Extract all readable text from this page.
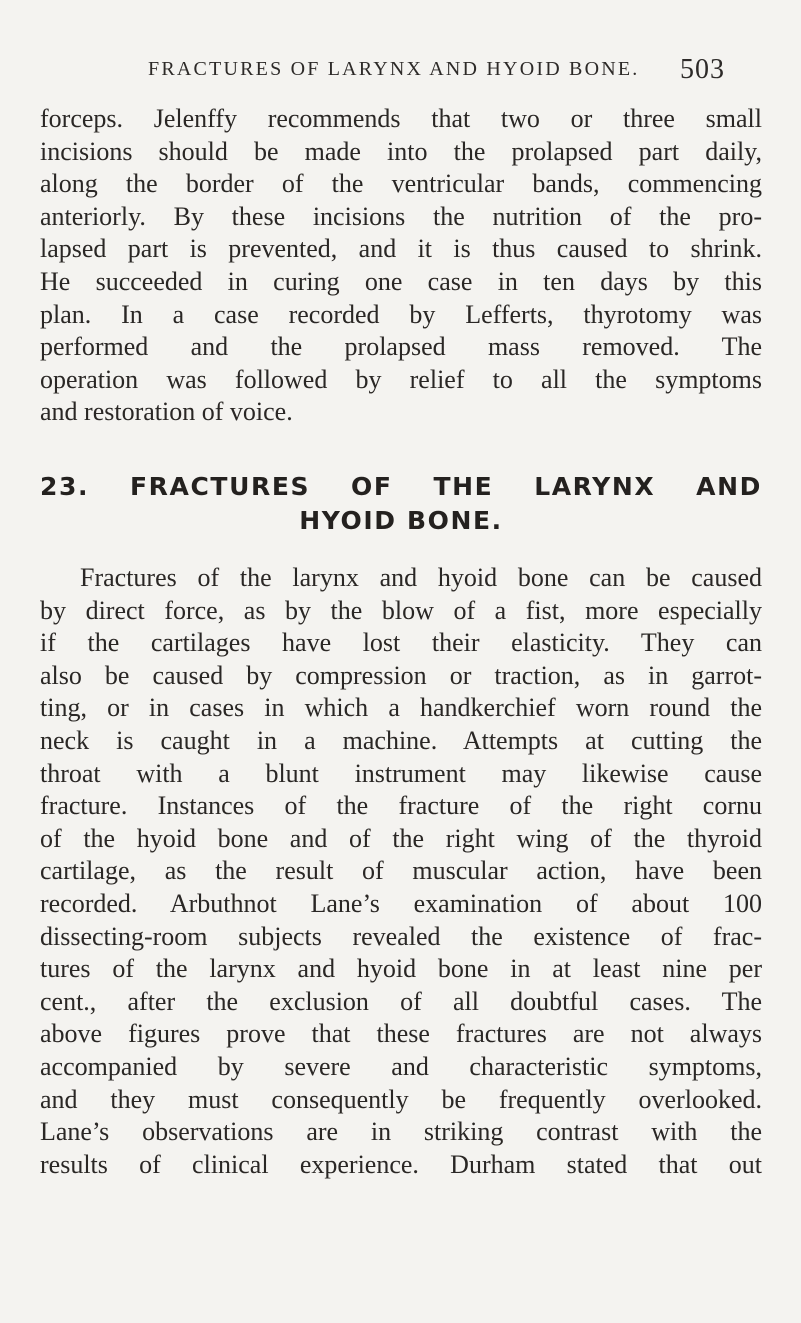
FRACTURES OF LARYNX AND HYOID BONE.	503
forceps. Jelenffy recommends that two or three small
incisions should be made into the prolapsed part daily,
along the border of the ventricular bands, commencing
anteriorly. By these incisions the nutrition of the pro-
lapsed part is prevented, and it is thus caused to shrink.
He succeeded in curing one case in ten days by this
plan. In a case recorded by Lefferts, thyrotomy was
performed and the prolapsed mass removed. The
operation was followed by relief to all the symptoms
and restoration of voice.
23. FRACTURES OF THE LARYNX AND
HYOID BONE.
Fractures of the larynx and hyoid bone can be caused
by direct force, as by the blow of a fist, more especially
if the cartilages have lost their elasticity. They can
also be caused by compression or traction, as in garrot-
ting, or in cases in which a handkerchief worn round the
neck is caught in a machine. Attempts at cutting the
throat with a blunt instrument may likewise cause
fracture. Instances of the fracture of the right cornu
of the hyoid bone and of the right wing of the thyroid
cartilage, as the result of muscular action, have been
recorded. Arbuthnot Lane’s examination of about 100
dissecting-room subjects revealed the existence of frac-
tures of the larynx and hyoid bone in at least nine per
cent., after the exclusion of all doubtful cases. The
above figures prove that these fractures are not always
accompanied by severe and characteristic symptoms,
and they must consequently be frequently overlooked.
Lane’s observations are in striking contrast with the
results of clinical experience. Durham stated that out
